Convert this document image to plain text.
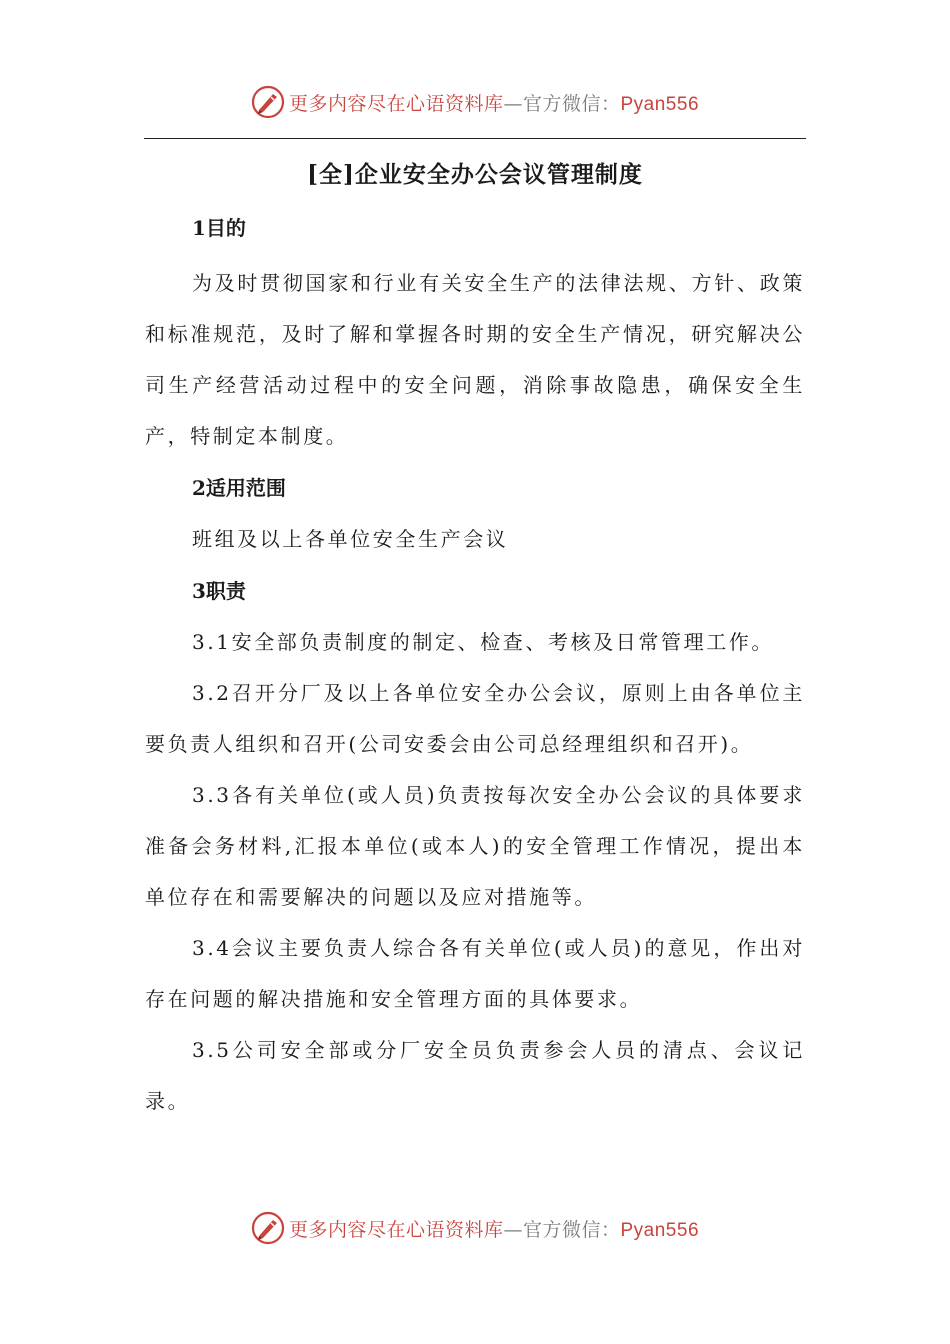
更多内容尽在心语资料库—官方微信：Pyan556
[全]企业安全办公会议管理制度
1目的

为及时贯彻国家和行业有关安全生产的法律法规、方针、政策和标准规范，及时了解和掌握各时期的安全生产情况，研究解决公司生产经营活动过程中的安全问题，消除事故隐患，确保安全生产，特制定本制度。

2适用范围

班组及以上各单位安全生产会议

3职责

3.1安全部负责制度的制定、检查、考核及日常管理工作。

3.2召开分厂及以上各单位安全办公会议，原则上由各单位主要负责人组织和召开(公司安委会由公司总经理组织和召开)。

3.3各有关单位(或人员)负责按每次安全办公会议的具体要求准备会务材料,汇报本单位(或本人)的安全管理工作情况，提出本单位存在和需要解决的问题以及应对措施等。

3.4会议主要负责人综合各有关单位(或人员)的意见，作出对存在问题的解决措施和安全管理方面的具体要求。

3.5公司安全部或分厂安全员负责参会人员的清点、会议记录。

更多内容尽在心语资料库—官方微信：Pyan556
